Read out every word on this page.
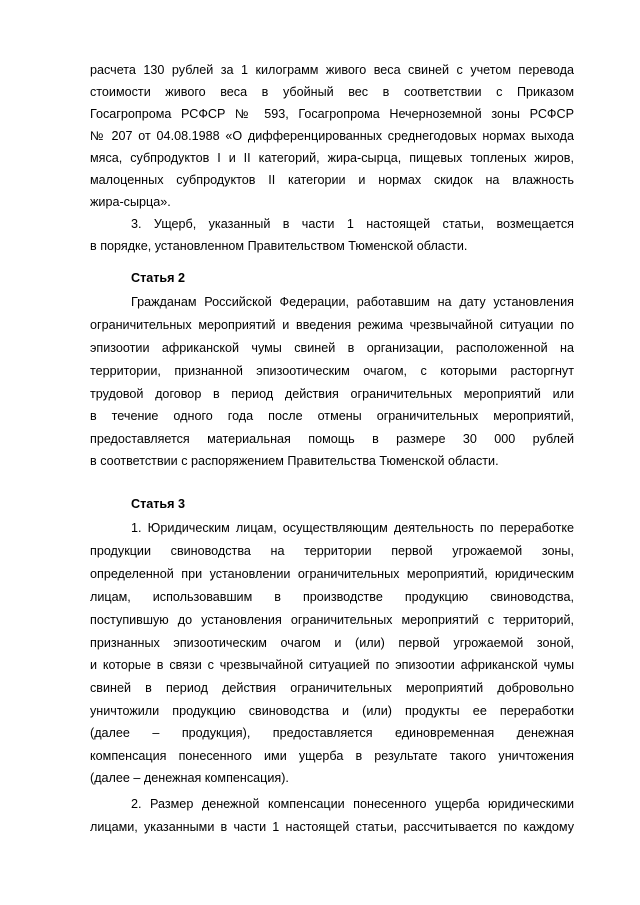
расчета 130 рублей за 1 килограмм живого веса свиней с учетом перевода
стоимости живого веса в убойный вес в соответствии с Приказом
Госагропрома РСФСР № 593, Госагропрома Нечерноземной зоны РСФСР
№ 207 от 04.08.1988 «О дифференцированных среднегодовых нормах выхода
мяса, субпродуктов I и II категорий, жира-сырца, пищевых топленых жиров,
малоценных субпродуктов II категории и нормах скидок на влажность
жира-сырца».
3. Ущерб, указанный в части 1 настоящей статьи, возмещается
в порядке, установленном Правительством Тюменской области.
Статья 2
Гражданам Российской Федерации, работавшим на дату установления
ограничительных мероприятий и введения режима чрезвычайной ситуации по
эпизоотии африканской чумы свиней в организации, расположенной на
территории, признанной эпизоотическим очагом, с которыми расторгнут
трудовой договор в период действия ограничительных мероприятий или
в течение одного года после отмены ограничительных мероприятий,
предоставляется материальная помощь в размере 30 000 рублей
в соответствии с распоряжением Правительства Тюменской области.
Статья 3
1. Юридическим лицам, осуществляющим деятельность по переработке
продукции свиноводства на территории первой угрожаемой зоны,
определенной при установлении ограничительных мероприятий, юридическим
лицам, использовавшим в производстве продукцию свиноводства,
поступившую до установления ограничительных мероприятий с территорий,
признанных эпизоотическим очагом и (или) первой угрожаемой зоной,
и которые в связи с чрезвычайной ситуацией по эпизоотии африканской чумы
свиней в период действия ограничительных мероприятий добровольно
уничтожили продукцию свиноводства и (или) продукты ее переработки
(далее – продукция), предоставляется единовременная денежная
компенсация понесенного ими ущерба в результате такого уничтожения
(далее – денежная компенсация).
2. Размер денежной компенсации понесенного ущерба юридическими
лицами, указанными в части 1 настоящей статьи, рассчитывается по каждому
